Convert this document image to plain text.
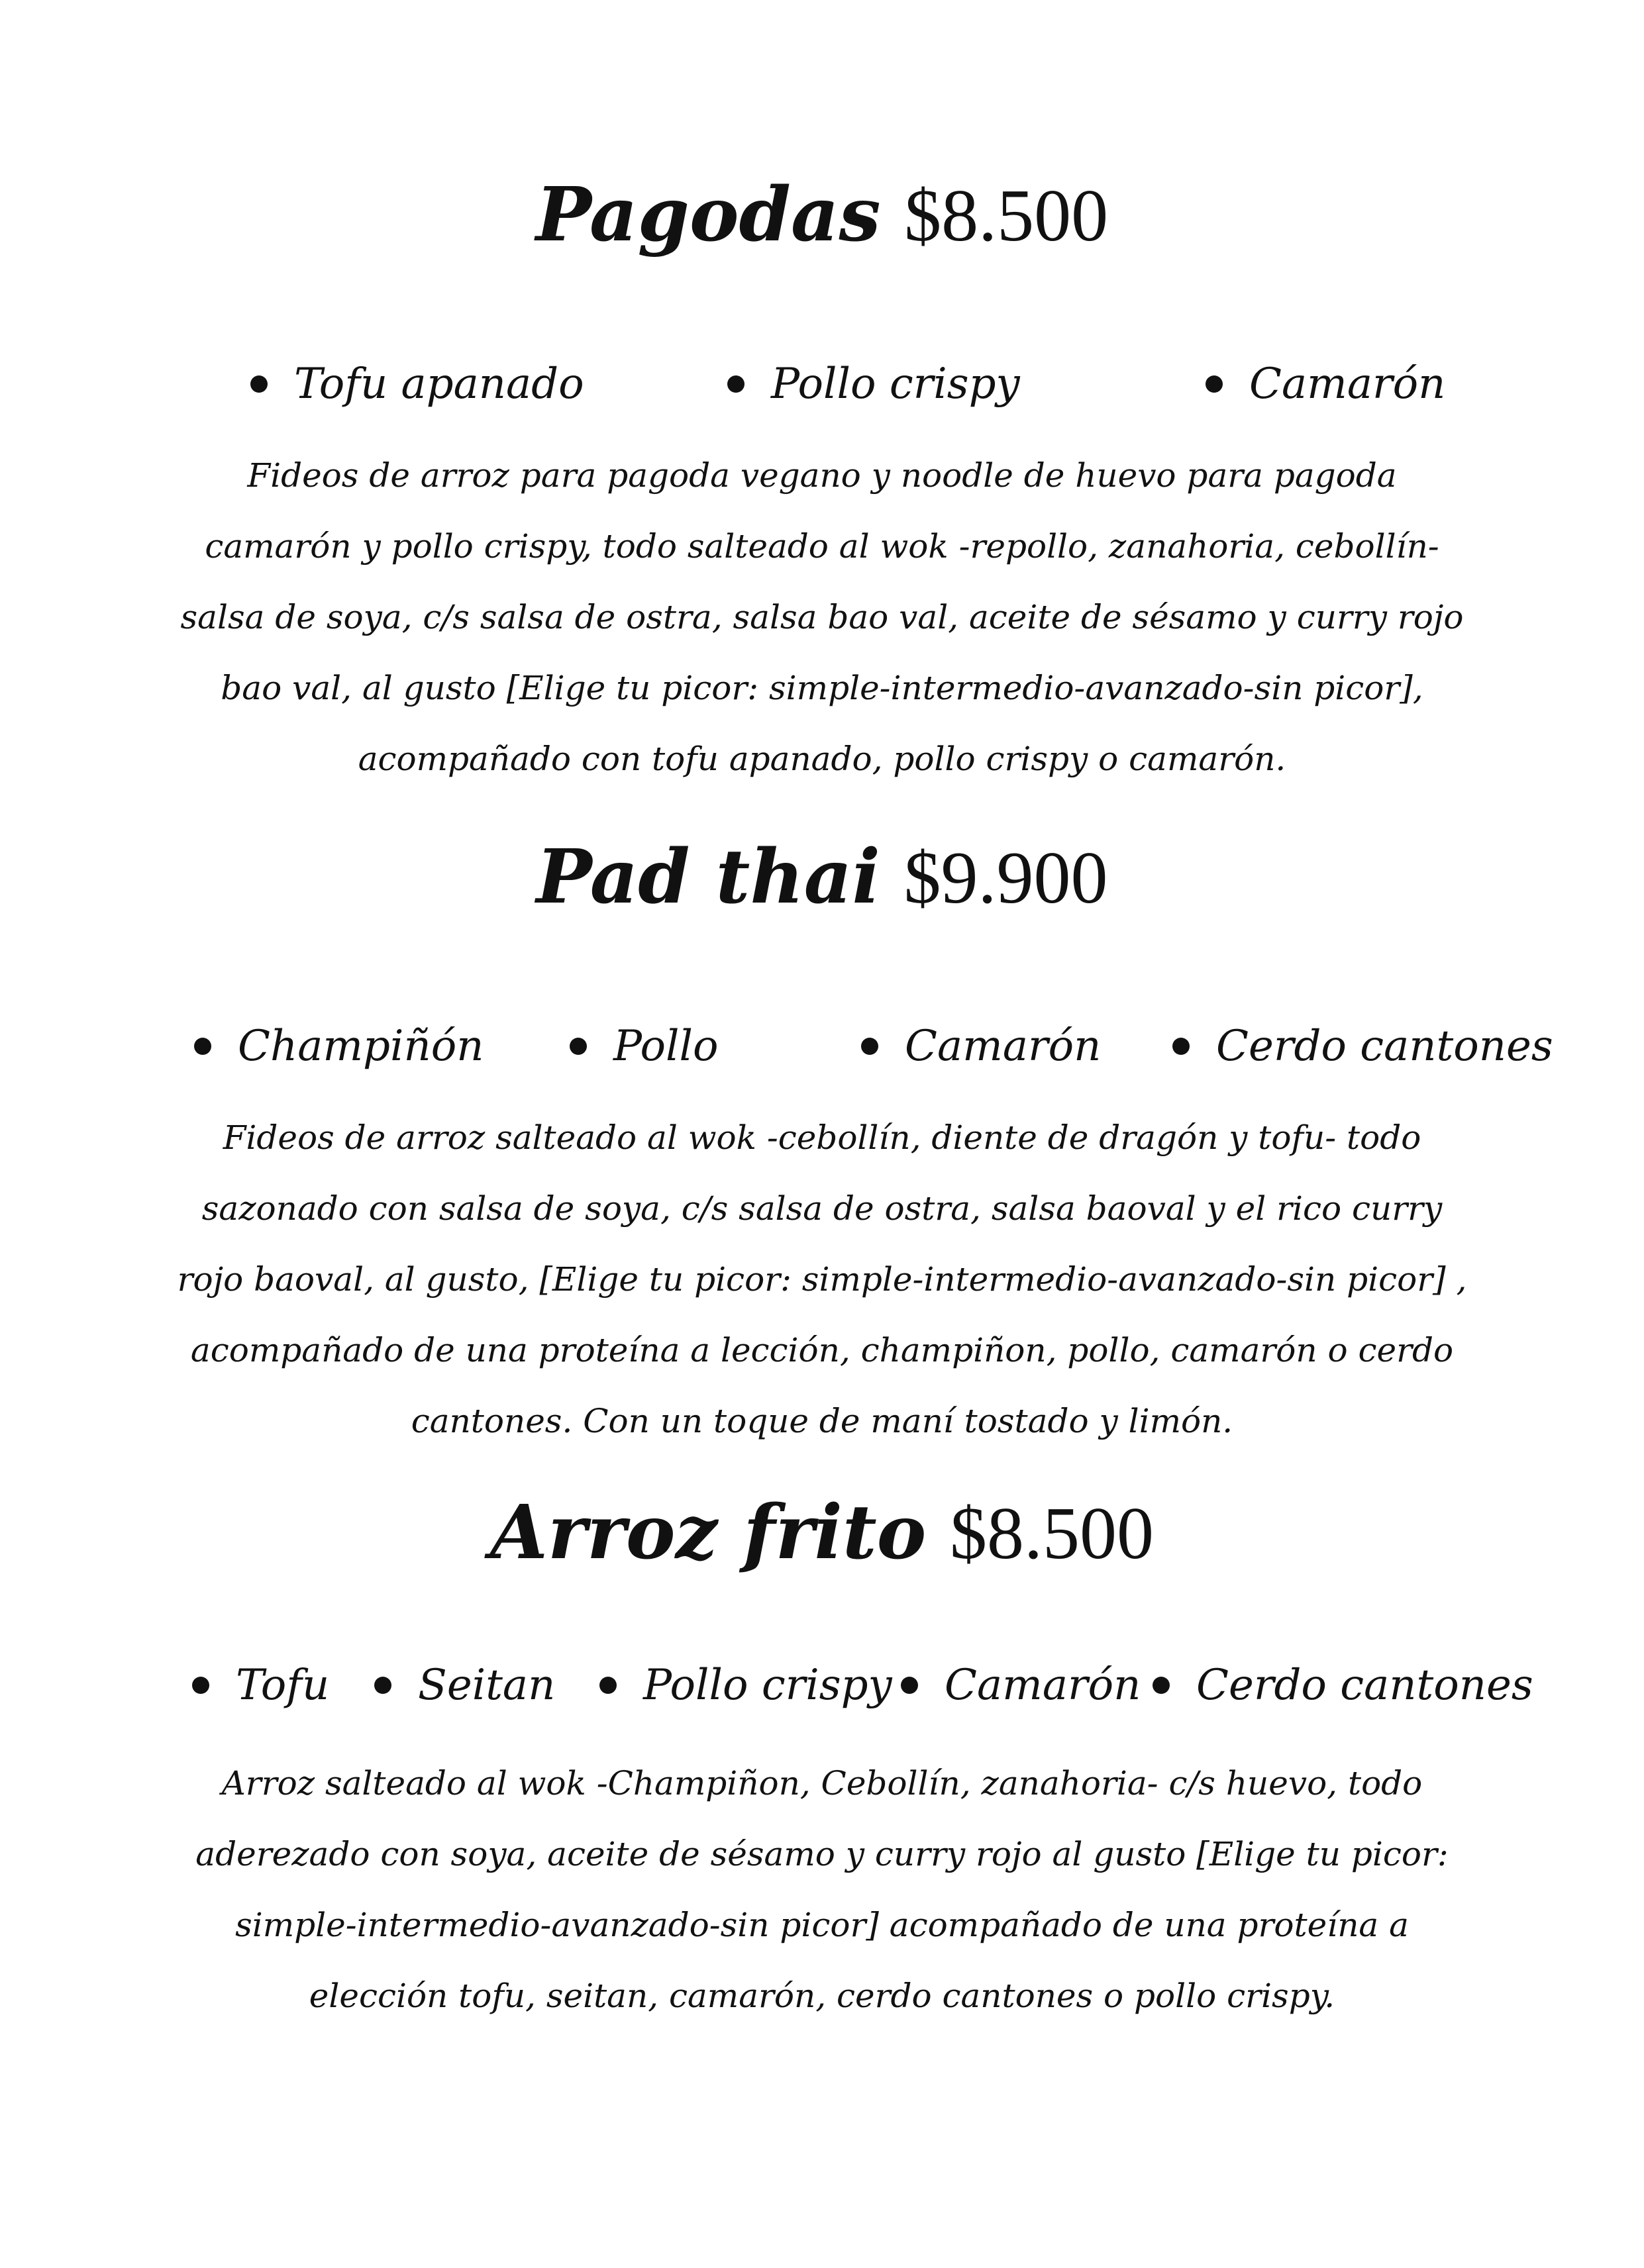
Pagodas $8.500
Tofu apanado	Pollo crispy	Camarón
Fideos de arroz para pagoda vegano y noodle de huevo para pagoda camarón y pollo crispy, todo salteado al wok -repollo, zanahoria, cebollín- salsa de soya, c/s salsa de ostra, salsa bao val, aceite de sésamo y curry rojo bao val, al gusto [Elige tu picor: simple-intermedio-avanzado-sin picor], acompañado con tofu apanado, pollo crispy o camarón.
Pad thai $9.900
Champiñón	Pollo	Camarón	Cerdo cantones
Fideos de arroz salteado al wok -cebollín, diente de dragón y tofu- todo sazonado con salsa de soya, c/s salsa de ostra, salsa baoval y el rico curry rojo baoval, al gusto, [Elige tu picor: simple-intermedio-avanzado-sin picor] , acompañado de una proteína a lección, champiñon, pollo, camarón o cerdo cantones. Con un toque de maní tostado y limón.
Arroz frito $8.500
Tofu Seitan Pollo crispy Camarón Cerdo cantones
Arroz salteado al wok -Champiñon, Cebollín, zanahoria- c/s huevo, todo aderezado con soya, aceite de sésamo y curry rojo al gusto [Elige tu picor: simple-intermedio-avanzado-sin picor] acompañado de una proteína a elección tofu, seitan, camarón, cerdo cantones o pollo crispy.
